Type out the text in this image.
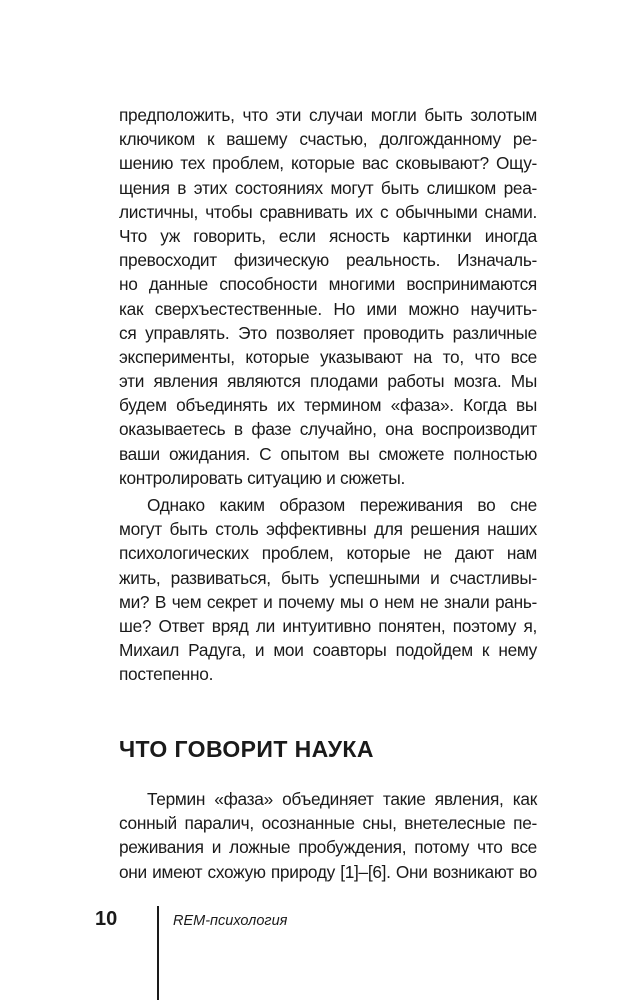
предположить, что эти случаи могли быть золотым
ключиком к вашему счастью, долгожданному ре-
шению тех проблем, которые вас сковывают? Ощу-
щения в этих состояниях могут быть слишком реа-
листичны, чтобы сравнивать их с обычными снами.
Что уж говорить, если ясность картинки иногда
превосходит физическую реальность. Изначаль-
но данные способности многими воспринимаются
как сверхъестественные. Но ими можно научить-
ся управлять. Это позволяет проводить различные
эксперименты, которые указывают на то, что все
эти явления являются плодами работы мозга. Мы
будем объединять их термином «фаза». Когда вы
оказываетесь в фазе случайно, она воспроизводит
ваши ожидания. С опытом вы сможете полностью
контролировать ситуацию и сюжеты.
Однако каким образом переживания во сне
могут быть столь эффективны для решения наших
психологических проблем, которые не дают нам
жить, развиваться, быть успешными и счастливы-
ми? В чем секрет и почему мы о нем не знали рань-
ше? Ответ вряд ли интуитивно понятен, поэтому я,
Михаил Радуга, и мои соавторы подойдем к нему
постепенно.
ЧТО ГОВОРИТ НАУКА
Термин «фаза» объединяет такие явления, как
сонный паралич, осознанные сны, внетелесные пе-
реживания и ложные пробуждения, потому что все
они имеют схожую природу [1]–[6]. Они возникают во
10	REM-психология
